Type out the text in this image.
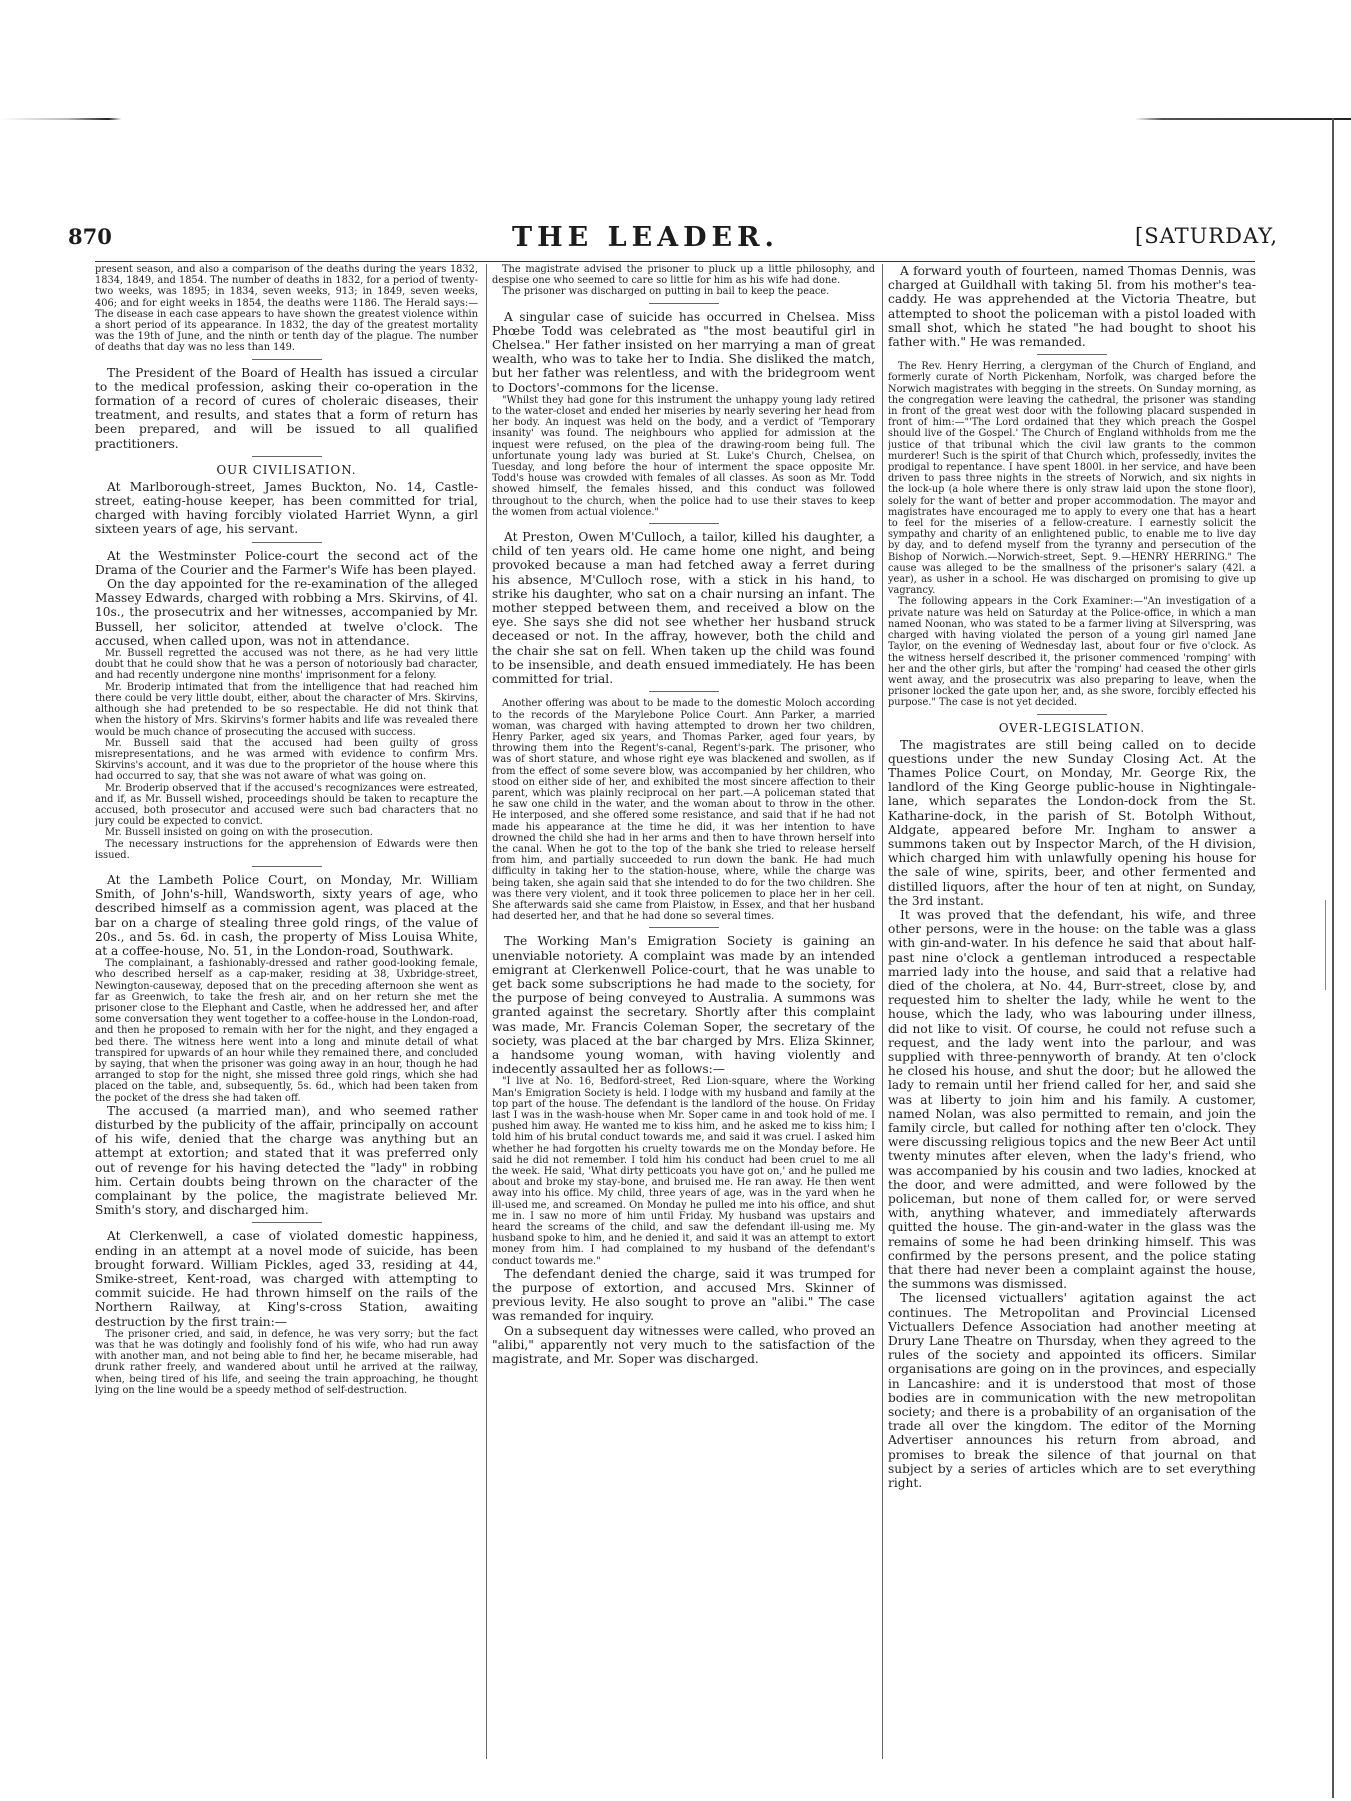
870	THE LEADER.	[SATURDAY,

present season, and also a comparison of the deaths during the years 1832, 1834, 1849, and 1854. The number of deaths in 1832, for a period of twenty-two weeks, was 1895; in 1834, seven weeks, 913; in 1849, seven weeks, 406; and for eight weeks in 1854, the deaths were 1186. The Herald says:—The disease in each case appears to have shown the greatest violence within a short period of its appearance. In 1832, the day of the greatest mortality was the 19th of June, and the ninth or tenth day of the plague. The number of deaths that day was no less than 149.

The President of the Board of Health has issued a circular to the medical profession, asking their co-operation in the formation of a record of cures of choleraic diseases, their treatment, and results, and states that a form of return has been prepared, and will be issued to all qualified practitioners.

OUR CIVILISATION.

At Marlborough-street, James Buckton, No. 14, Castle-street, eating-house keeper, has been committed for trial, charged with having forcibly violated Harriet Wynn, a girl sixteen years of age, his servant.

At the Westminster Police-court the second act of the Drama of the Courier and the Farmer's Wife has been played.

On the day appointed for the re-examination of the alleged Massey Edwards, charged with robbing a Mrs. Skirvins, of 4l. 10s., the prosecutrix and her witnesses, accompanied by Mr. Bussell, her solicitor, attended at twelve o'clock. The accused, when called upon, was not in attendance.

Mr. Bussell regretted the accused was not there, as he had very little doubt that he could show that he was a person of notoriously bad character, and had recently undergone nine months' imprisonment for a felony.

Mr. Broderip intimated that from the intelligence that had reached him there could be very little doubt, either, about the character of Mrs. Skirvins, although she had pretended to be so respectable. He did not think that when the history of Mrs. Skirvins's former habits and life was revealed there would be much chance of prosecuting the accused with success.

Mr. Bussell said that the accused had been guilty of gross misrepresentations, and he was armed with evidence to confirm Mrs. Skirvins's account, and it was due to the proprietor of the house where this had occurred to say, that she was not aware of what was going on.

Mr. Broderip observed that if the accused's recognizances were estreated, and if, as Mr. Bussell wished, proceedings should be taken to recapture the accused, both prosecutor and accused were such bad characters that no jury could be expected to convict.

Mr. Bussell insisted on going on with the prosecution.

The necessary instructions for the apprehension of Edwards were then issued.

At the Lambeth Police Court, on Monday, Mr. William Smith, of John's-hill, Wandsworth, sixty years of age, who described himself as a commission agent, was placed at the bar on a charge of stealing three gold rings, of the value of 20s., and 5s. 6d. in cash, the property of Miss Louisa White, at a coffee-house, No. 51, in the London-road, Southwark.

The complainant, a fashionably-dressed and rather good-looking female, who described herself as a cap-maker, residing at 38, Uxbridge-street, Newington-causeway, deposed that on the preceding afternoon she went as far as Greenwich, to take the fresh air, and on her return she met the prisoner close to the Elephant and Castle, when he addressed her, and after some conversation they went together to a coffee-house in the London-road, and then he proposed to remain with her for the night, and they engaged a bed there. The witness here went into a long and minute detail of what transpired for upwards of an hour while they remained there, and concluded by saying, that when the prisoner was going away in an hour, though he had arranged to stop for the night, she missed three gold rings, which she had placed on the table, and, subsequently, 5s. 6d., which had been taken from the pocket of the dress she had taken off.

The accused (a married man), and who seemed rather disturbed by the publicity of the affair, principally on account of his wife, denied that the charge was anything but an attempt at extortion; and stated that it was preferred only out of revenge for his having detected the "lady" in robbing him. Certain doubts being thrown on the character of the complainant by the police, the magistrate believed Mr. Smith's story, and discharged him.

At Clerkenwell, a case of violated domestic happiness, ending in an attempt at a novel mode of suicide, has been brought forward. William Pickles, aged 33, residing at 44, Smike-street, Kent-road, was charged with attempting to commit suicide. He had thrown himself on the rails of the Northern Railway, at King's-cross Station, awaiting destruction by the first train:—

The prisoner cried, and said, in defence, he was very sorry; but the fact was that he was dotingly and foolishly fond of his wife, who had run away with another man, and not being able to find her, he became miserable, had drunk rather freely, and wandered about until he arrived at the railway, when, being tired of his life, and seeing the train approaching, he thought lying on the line would be a speedy method of self-destruction.

The magistrate advised the prisoner to pluck up a little philosophy, and despise one who seemed to care so little for him as his wife had done.

The prisoner was discharged on putting in bail to keep the peace.

A singular case of suicide has occurred in Chelsea. Miss Phœbe Todd was celebrated as "the most beautiful girl in Chelsea." Her father insisted on her marrying a man of great wealth, who was to take her to India. She disliked the match, but her father was relentless, and with the bridegroom went to Doctors'-commons for the license.

"Whilst they had gone for this instrument the unhappy young lady retired to the water-closet and ended her miseries by nearly severing her head from her body. An inquest was held on the body, and a verdict of 'Temporary insanity' was found. The neighbours who applied for admission at the inquest were refused, on the plea of the drawing-room being full. The unfortunate young lady was buried at St. Luke's Church, Chelsea, on Tuesday, and long before the hour of interment the space opposite Mr. Todd's house was crowded with females of all classes. As soon as Mr. Todd showed himself, the females hissed, and this conduct was followed throughout to the church, when the police had to use their staves to keep the women from actual violence."

At Preston, Owen M'Culloch, a tailor, killed his daughter, a child of ten years old. He came home one night, and being provoked because a man had fetched away a ferret during his absence, M'Culloch rose, with a stick in his hand, to strike his daughter, who sat on a chair nursing an infant. The mother stepped between them, and received a blow on the eye. She says she did not see whether her husband struck deceased or not. In the affray, however, both the child and the chair she sat on fell. When taken up the child was found to be insensible, and death ensued immediately. He has been committed for trial.

Another offering was about to be made to the domestic Moloch according to the records of the Marylebone Police Court. Ann Parker, a married woman, was charged with having attempted to drown her two children, Henry Parker, aged six years, and Thomas Parker, aged four years, by throwing them into the Regent's-canal, Regent's-park. The prisoner, who was of short stature, and whose right eye was blackened and swollen, as if from the effect of some severe blow, was accompanied by her children, who stood on either side of her, and exhibited the most sincere affection to their parent, which was plainly reciprocal on her part.—A policeman stated that he saw one child in the water, and the woman about to throw in the other. He interposed, and she offered some resistance, and said that if he had not made his appearance at the time he did, it was her intention to have drowned the child she had in her arms and then to have thrown herself into the canal. When he got to the top of the bank she tried to release herself from him, and partially succeeded to run down the bank. He had much difficulty in taking her to the station-house, where, while the charge was being taken, she again said that she intended to do for the two children. She was there very violent, and it took three policemen to place her in her cell. She afterwards said she came from Plaistow, in Essex, and that her husband had deserted her, and that he had done so several times.

The Working Man's Emigration Society is gaining an unenviable notoriety. A complaint was made by an intended emigrant at Clerkenwell Police-court, that he was unable to get back some subscriptions he had made to the society, for the purpose of being conveyed to Australia. A summons was granted against the secretary. Shortly after this complaint was made, Mr. Francis Coleman Soper, the secretary of the society, was placed at the bar charged by Mrs. Eliza Skinner, a handsome young woman, with having violently and indecently assaulted her as follows:—

"I live at No. 16, Bedford-street, Red Lion-square, where the Working Man's Emigration Society is held. I lodge with my husband and family at the top part of the house. The defendant is the landlord of the house. On Friday last I was in the wash-house when Mr. Soper came in and took hold of me. I pushed him away. He wanted me to kiss him, and he asked me to kiss him; I told him of his brutal conduct towards me, and said it was cruel. I asked him whether he had forgotten his cruelty towards me on the Monday before. He said he did not remember. I told him his conduct had been cruel to me all the week. He said, 'What dirty petticoats you have got on,' and he pulled me about and broke my stay-bone, and bruised me. He ran away. He then went away into his office. My child, three years of age, was in the yard when he ill-used me, and screamed. On Monday he pulled me into his office, and shut me in. I saw no more of him until Friday. My husband was upstairs and heard the screams of the child, and saw the defendant ill-using me. My husband spoke to him, and he denied it, and said it was an attempt to extort money from him. I had complained to my husband of the defendant's conduct towards me."

The defendant denied the charge, said it was trumped for the purpose of extortion, and accused Mrs. Skinner of previous levity. He also sought to prove an "alibi." The case was remanded for inquiry.

On a subsequent day witnesses were called, who proved an "alibi," apparently not very much to the satisfaction of the magistrate, and Mr. Soper was discharged.

A forward youth of fourteen, named Thomas Dennis, was charged at Guildhall with taking 5l. from his mother's tea-caddy. He was apprehended at the Victoria Theatre, but attempted to shoot the policeman with a pistol loaded with small shot, which he stated "he had bought to shoot his father with." He was remanded.

The Rev. Henry Herring, a clergyman of the Church of England, and formerly curate of North Pickenham, Norfolk, was charged before the Norwich magistrates with begging in the streets. On Sunday morning, as the congregation were leaving the cathedral, the prisoner was standing in front of the great west door with the following placard suspended in front of him:—"'The Lord ordained that they which preach the Gospel should live of the Gospel.' The Church of England withholds from me the justice of that tribunal which the civil law grants to the common murderer! Such is the spirit of that Church which, professedly, invites the prodigal to repentance. I have spent 1800l. in her service, and have been driven to pass three nights in the streets of Norwich, and six nights in the lock-up (a hole where there is only straw laid upon the stone floor), solely for the want of better and proper accommodation. The mayor and magistrates have encouraged me to apply to every one that has a heart to feel for the miseries of a fellow-creature. I earnestly solicit the sympathy and charity of an enlightened public, to enable me to live day by day, and to defend myself from the tyranny and persecution of the Bishop of Norwich.—Norwich-street, Sept. 9.—HENRY HERRING." The cause was alleged to be the smallness of the prisoner's salary (42l. a year), as usher in a school. He was discharged on promising to give up vagrancy.

The following appears in the Cork Examiner:—"An investigation of a private nature was held on Saturday at the Police-office, in which a man named Noonan, who was stated to be a farmer living at Silverspring, was charged with having violated the person of a young girl named Jane Taylor, on the evening of Wednesday last, about four or five o'clock. As the witness herself described it, the prisoner commenced 'romping' with her and the other girls, but after the 'romping' had ceased the other girls went away, and the prosecutrix was also preparing to leave, when the prisoner locked the gate upon her, and, as she swore, forcibly effected his purpose." The case is not yet decided.

OVER-LEGISLATION.

The magistrates are still being called on to decide questions under the new Sunday Closing Act. At the Thames Police Court, on Monday, Mr. George Rix, the landlord of the King George public-house in Nightingale-lane, which separates the London-dock from the St. Katharine-dock, in the parish of St. Botolph Without, Aldgate, appeared before Mr. Ingham to answer a summons taken out by Inspector March, of the H division, which charged him with unlawfully opening his house for the sale of wine, spirits, beer, and other fermented and distilled liquors, after the hour of ten at night, on Sunday, the 3rd instant.

It was proved that the defendant, his wife, and three other persons, were in the house: on the table was a glass with gin-and-water. In his defence he said that about half-past nine o'clock a gentleman introduced a respectable married lady into the house, and said that a relative had died of the cholera, at No. 44, Burr-street, close by, and requested him to shelter the lady, while he went to the house, which the lady, who was labouring under illness, did not like to visit. Of course, he could not refuse such a request, and the lady went into the parlour, and was supplied with three-pennyworth of brandy. At ten o'clock he closed his house, and shut the door; but he allowed the lady to remain until her friend called for her, and said she was at liberty to join him and his family. A customer, named Nolan, was also permitted to remain, and join the family circle, but called for nothing after ten o'clock. They were discussing religious topics and the new Beer Act until twenty minutes after eleven, when the lady's friend, who was accompanied by his cousin and two ladies, knocked at the door, and were admitted, and were followed by the policeman, but none of them called for, or were served with, anything whatever, and immediately afterwards quitted the house. The gin-and-water in the glass was the remains of some he had been drinking himself. This was confirmed by the persons present, and the police stating that there had never been a complaint against the house, the summons was dismissed.

The licensed victuallers' agitation against the act continues. The Metropolitan and Provincial Licensed Victuallers Defence Association had another meeting at Drury Lane Theatre on Thursday, when they agreed to the rules of the society and appointed its officers. Similar organisations are going on in the provinces, and especially in Lancashire: and it is understood that most of those bodies are in communication with the new metropolitan society; and there is a probability of an organisation of the trade all over the kingdom. The editor of the Morning Advertiser announces his return from abroad, and promises to break the silence of that journal on that subject by a series of articles which are to set everything right.
